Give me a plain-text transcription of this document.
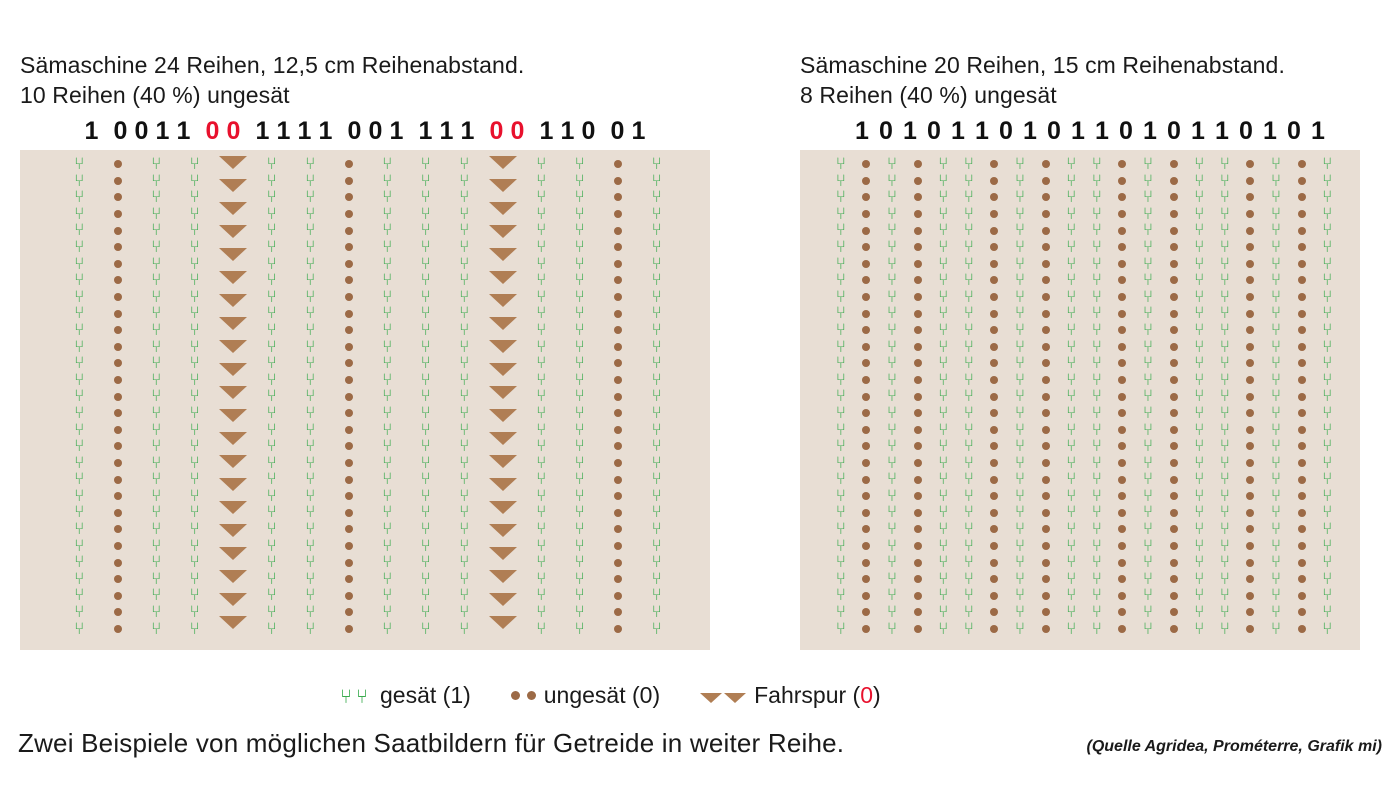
Sämaschine 24 Reihen, 12,5 cm Reihenabstand.
10 Reihen (40 %) ungesät
1 0 0 1 1 0 0 1 1 1 1 0 0 1 1 1 1 0 0 1 1 0 0 1
⑂
⑂
⑂
⑂
⑂
⑂
⑂
⑂
⑂
⑂
⑂
⑂
⑂
⑂
⑂
⑂
⑂
⑂
⑂
⑂
⑂
⑂
⑂
⑂
⑂
⑂
⑂
⑂
⑂
⑂
⑂
⑂
⑂
⑂
⑂
⑂
⑂
⑂
⑂
⑂
⑂
⑂
⑂
⑂
⑂
⑂
⑂
⑂
⑂
⑂
⑂
⑂
⑂
⑂
⑂
⑂
⑂
⑂
⑂
⑂
⑂
⑂
⑂
⑂
⑂
⑂
⑂
⑂
⑂
⑂
⑂
⑂
⑂
⑂
⑂
⑂
⑂
⑂
⑂
⑂
⑂
⑂
⑂
⑂
⑂
⑂
⑂
⑂
⑂
⑂
⑂
⑂
⑂
⑂
⑂
⑂
⑂
⑂
⑂
⑂
⑂
⑂
⑂
⑂
⑂
⑂
⑂
⑂
⑂
⑂
⑂
⑂
⑂
⑂
⑂
⑂
⑂
⑂
⑂
⑂
⑂
⑂
⑂
⑂
⑂
⑂
⑂
⑂
⑂
⑂
⑂
⑂
⑂
⑂
⑂
⑂
⑂
⑂
⑂
⑂
⑂
⑂
⑂
⑂
⑂
⑂
⑂
⑂
⑂
⑂
⑂
⑂
⑂
⑂
⑂
⑂
⑂
⑂
⑂
⑂
⑂
⑂
⑂
⑂
⑂
⑂
⑂
⑂
⑂
⑂
⑂
⑂
⑂
⑂
⑂
⑂
⑂
⑂
⑂
⑂
⑂
⑂
⑂
⑂
⑂
⑂
⑂
⑂
⑂
⑂
⑂
⑂
⑂
⑂
⑂
⑂
⑂
⑂
⑂
⑂
⑂
⑂
⑂
⑂
⑂
⑂
⑂
⑂
⑂
⑂
⑂
⑂
⑂
⑂
⑂
⑂
⑂
⑂
⑂
⑂
⑂
⑂
⑂
⑂
⑂
⑂
⑂
⑂
⑂
⑂
⑂
⑂
⑂
⑂
⑂
⑂
⑂
⑂
⑂
⑂
⑂
⑂
⑂
⑂
⑂
⑂
⑂
⑂
⑂
⑂
⑂
⑂
⑂
⑂
⑂
⑂
⑂
⑂
⑂
⑂
⑂
⑂
⑂
⑂
⑂
⑂
⑂
⑂
⑂
⑂
⑂
⑂
⑂
⑂
⑂
⑂
⑂
⑂
⑂
⑂
⑂
⑂
⑂
⑂
⑂
⑂
⑂
⑂
⑂
⑂
⑂
⑂
⑂
⑂
⑂
⑂
⑂
⑂
⑂
⑂
⑂
⑂
⑂
⑂
⑂
⑂
⑂
⑂
⑂
⑂
⑂
⑂
⑂
⑂
⑂
⑂
⑂
⑂
⑂
Sämaschine 20 Reihen, 15 cm Reihenabstand.
8 Reihen (40 %) ungesät
1 0 1 0 1 1 0 1 0 1 1 0 1 0 1 1 0 1 0 1
⑂
⑂
⑂
⑂
⑂
⑂
⑂
⑂
⑂
⑂
⑂
⑂
⑂
⑂
⑂
⑂
⑂
⑂
⑂
⑂
⑂
⑂
⑂
⑂
⑂
⑂
⑂
⑂
⑂
⑂
⑂
⑂
⑂
⑂
⑂
⑂
⑂
⑂
⑂
⑂
⑂
⑂
⑂
⑂
⑂
⑂
⑂
⑂
⑂
⑂
⑂
⑂
⑂
⑂
⑂
⑂
⑂
⑂
⑂
⑂
⑂
⑂
⑂
⑂
⑂
⑂
⑂
⑂
⑂
⑂
⑂
⑂
⑂
⑂
⑂
⑂
⑂
⑂
⑂
⑂
⑂
⑂
⑂
⑂
⑂
⑂
⑂
⑂
⑂
⑂
⑂
⑂
⑂
⑂
⑂
⑂
⑂
⑂
⑂
⑂
⑂
⑂
⑂
⑂
⑂
⑂
⑂
⑂
⑂
⑂
⑂
⑂
⑂
⑂
⑂
⑂
⑂
⑂
⑂
⑂
⑂
⑂
⑂
⑂
⑂
⑂
⑂
⑂
⑂
⑂
⑂
⑂
⑂
⑂
⑂
⑂
⑂
⑂
⑂
⑂
⑂
⑂
⑂
⑂
⑂
⑂
⑂
⑂
⑂
⑂
⑂
⑂
⑂
⑂
⑂
⑂
⑂
⑂
⑂
⑂
⑂
⑂
⑂
⑂
⑂
⑂
⑂
⑂
⑂
⑂
⑂
⑂
⑂
⑂
⑂
⑂
⑂
⑂
⑂
⑂
⑂
⑂
⑂
⑂
⑂
⑂
⑂
⑂
⑂
⑂
⑂
⑂
⑂
⑂
⑂
⑂
⑂
⑂
⑂
⑂
⑂
⑂
⑂
⑂
⑂
⑂
⑂
⑂
⑂
⑂
⑂
⑂
⑂
⑂
⑂
⑂
⑂
⑂
⑂
⑂
⑂
⑂
⑂
⑂
⑂
⑂
⑂
⑂
⑂
⑂
⑂
⑂
⑂
⑂
⑂
⑂
⑂
⑂
⑂
⑂
⑂
⑂
⑂
⑂
⑂
⑂
⑂
⑂
⑂
⑂
⑂
⑂
⑂
⑂
⑂
⑂
⑂
⑂
⑂
⑂
⑂
⑂
⑂
⑂
⑂
⑂
⑂
⑂
⑂
⑂
⑂
⑂
⑂
⑂
⑂
⑂
⑂
⑂
⑂
⑂
⑂
⑂
⑂
⑂
⑂
⑂
⑂
⑂
⑂
⑂
⑂
⑂
⑂
⑂
⑂
⑂
⑂
⑂
⑂
⑂
⑂
⑂
⑂
⑂
⑂
⑂
⑂
⑂
⑂
⑂
⑂
⑂
⑂
⑂
⑂
⑂
⑂
⑂
⑂
⑂
⑂
⑂
⑂
⑂
⑂
⑂
⑂
⑂
⑂
⑂
⑂
⑂
⑂
⑂
⑂
⑂
⑂
⑂
⑂
⑂
⑂
⑂
⑂
⑂
⑂
⑂
⑂
⑂
⑂⑂ gesät (1)	ungesät (0)	Fahrspur (0)
Zwei Beispiele von möglichen Saatbildern für Getreide in weiter Reihe.	(Quelle Agridea, Prométerre, Grafik mi)
